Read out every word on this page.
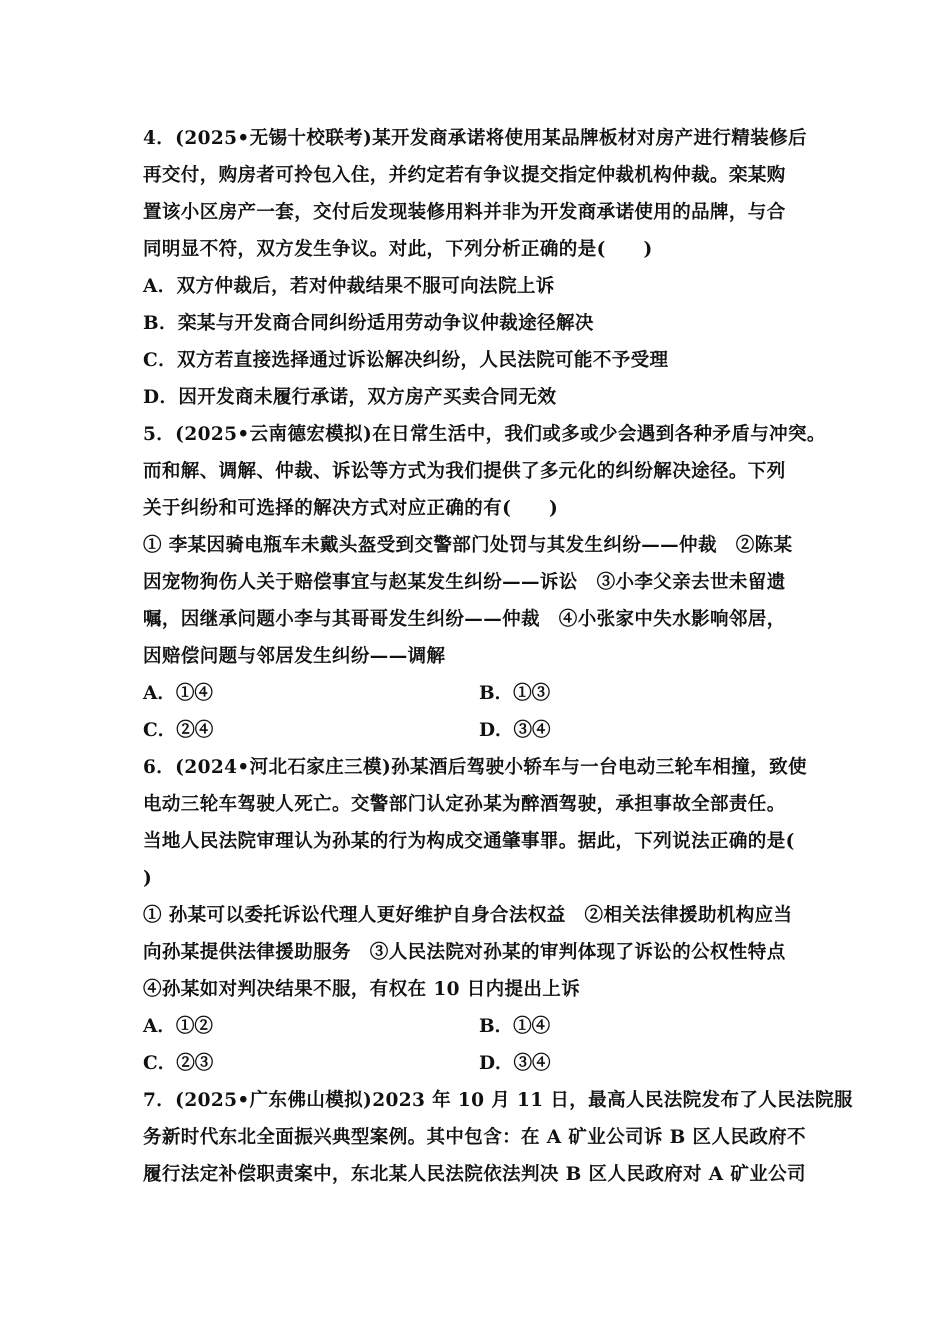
4．(2025•无锡十校联考)某开发商承诺将使用某品牌板材对房产进行精装修后
再交付，购房者可拎包入住，并约定若有争议提交指定仲裁机构仲裁。栾某购
置该小区房产一套，交付后发现装修用料并非为开发商承诺使用的品牌，与合
同明显不符，双方发生争议。对此，下列分析正确的是(　　)
A．双方仲裁后，若对仲裁结果不服可向法院上诉
B．栾某与开发商合同纠纷适用劳动争议仲裁途径解决
C．双方若直接选择通过诉讼解决纠纷，人民法院可能不予受理
D．因开发商未履行承诺，双方房产买卖合同无效
5．(2025•云南德宏模拟)在日常生活中，我们或多或少会遇到各种矛盾与冲突。
而和解、调解、仲裁、诉讼等方式为我们提供了多元化的纠纷解决途径。下列
关于纠纷和可选择的解决方式对应正确的有(　　)
① 李某因骑电瓶车未戴头盔受到交警部门处罚与其发生纠纷——仲裁　②陈某
因宠物狗伤人关于赔偿事宜与赵某发生纠纷——诉讼　③小李父亲去世未留遗
嘱，因继承问题小李与其哥哥发生纠纷——仲裁　④小张家中失水影响邻居，
因赔偿问题与邻居发生纠纷——调解
A．①④	B．①③
C．②④	D．③④
6．(2024•河北石家庄三模)孙某酒后驾驶小轿车与一台电动三轮车相撞，致使
电动三轮车驾驶人死亡。交警部门认定孙某为醉酒驾驶，承担事故全部责任。
当地人民法院审理认为孙某的行为构成交通肇事罪。据此，下列说法正确的是(
)
① 孙某可以委托诉讼代理人更好维护自身合法权益　②相关法律援助机构应当
向孙某提供法律援助服务　③人民法院对孙某的审判体现了诉讼的公权性特点
④孙某如对判决结果不服，有权在 10 日内提出上诉
A．①②	B．①④
C．②③	D．③④
7．(2025•广东佛山模拟)2023 年 10 月 11 日，最高人民法院发布了人民法院服
务新时代东北全面振兴典型案例。其中包含：在 A 矿业公司诉 B 区人民政府不
履行法定补偿职责案中，东北某人民法院依法判决 B 区人民政府对 A 矿业公司
